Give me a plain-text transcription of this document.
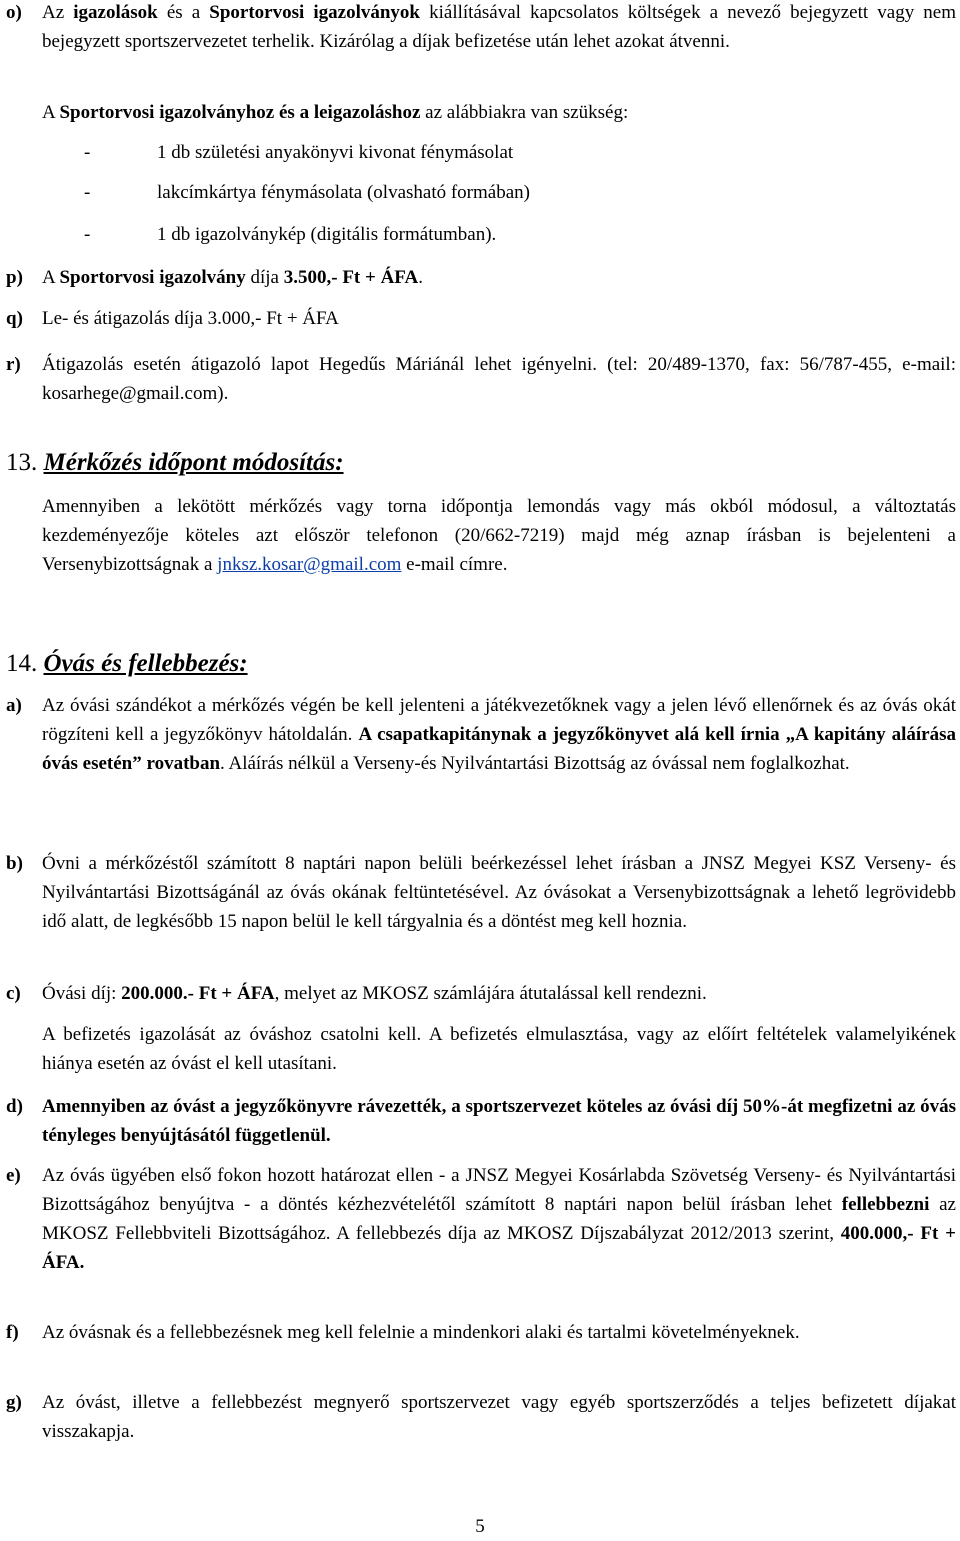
o) Az igazolások és a Sportorvosi igazolványok kiállításával kapcsolatos költségek a nevező bejegyzett vagy nem bejegyzett sportszervezetet terhelik. Kizárólag a díjak befizetése után lehet azokat átvenni.
A Sportorvosi igazolványhoz és a leigazoláshoz az alábbiakra van szükség:
-	1 db születési anyakönyvi kivonat fénymásolat
-	lakcímkártya fénymásolata (olvasható formában)
-	1 db igazolványkép (digitális formátumban).
p) A Sportorvosi igazolvány díja 3.500,- Ft + ÁFA.
q) Le- és átigazolás díja 3.000,- Ft + ÁFA
r) Átigazolás esetén átigazoló lapot Hegedűs Máriánál lehet igényelni. (tel: 20/489-1370, fax: 56/787-455, e-mail: kosarhege@gmail.com).
13. Mérkőzés időpont módosítás:
Amennyiben a lekötött mérkőzés vagy torna időpontja lemondás vagy más okból módosul, a változtatás kezdeményezője köteles azt először telefonon (20/662-7219) majd még aznap írásban is bejelenteni a Versenybizottságnak a jnksz.kosar@gmail.com e-mail címre.
14. Óvás és fellebbezés:
a) Az óvási szándékot a mérkőzés végén be kell jelenteni a játékvezetőknek vagy a jelen lévő ellenőrnek és az óvás okát rögzíteni kell a jegyzőkönyv hátoldalán. A csapatkapitánynak a jegyzőkönyvet alá kell írnia „A kapitány aláírása óvás esetén” rovatban. Aláírás nélkül a Verseny-és Nyilvántartási Bizottság az óvással nem foglalkozhat.
b) Óvni a mérkőzéstől számított 8 naptári napon belüli beérkezéssel lehet írásban a JNSZ Megyei KSZ Verseny- és Nyilvántartási Bizottságánál az óvás okának feltüntetésével. Az óvásokat a Versenybizottságnak a lehető legrövidebb idő alatt, de legkésőbb 15 napon belül le kell tárgyalnia és a döntést meg kell hoznia.
c) Óvási díj: 200.000.- Ft + ÁFA, melyet az MKOSZ számlájára átutalással kell rendezni.

A befizetés igazolását az óváshoz csatolni kell. A befizetés elmulasztása, vagy az előírt feltételek valamelyikének hiánya esetén az óvást el kell utasítani.

d) Amennyiben az óvást a jegyzőkönyvre rávezették, a sportszervezet köteles az óvási díj 50%-át megfizetni az óvás tényleges benyújtásától függetlenül.
e) Az óvás ügyében első fokon hozott határozat ellen - a JNSZ Megyei Kosárlabda Szövetség Verseny- és Nyilvántartási Bizottságához benyújtva - a döntés kézhezvételétől számított 8 naptári napon belül írásban lehet fellebbezni az MKOSZ Fellebbviteli Bizottságához. A fellebbezés díja az MKOSZ Díjszabályzat 2012/2013 szerint, 400.000,- Ft + ÁFA.
f) Az óvásnak és a fellebbezésnek meg kell felelnie a mindenkori alaki és tartalmi követelményeknek.
g) Az óvást, illetve a fellebbezést megnyerő sportszervezet vagy egyéb sportszerződés a teljes befizetett díjakat visszakapja.
5
